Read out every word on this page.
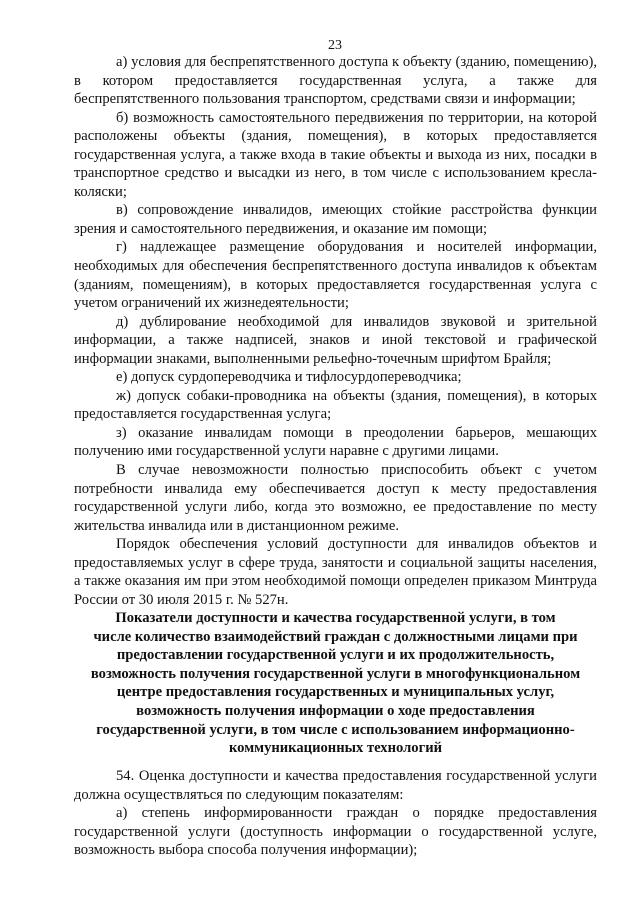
23

а) условия для беспрепятственного доступа к объекту (зданию, помещению), в котором предоставляется государственная услуга, а также для беспрепятственного пользования транспортом, средствами связи и информации;

б) возможность самостоятельного передвижения по территории, на которой расположены объекты (здания, помещения), в которых предоставляется государственная услуга, а также входа в такие объекты и выхода из них, посадки в транспортное средство и высадки из него, в том числе с использованием кресла-коляски;

в) сопровождение инвалидов, имеющих стойкие расстройства функции зрения и самостоятельного передвижения, и оказание им помощи;

г) надлежащее размещение оборудования и носителей информации, необходимых для обеспечения беспрепятственного доступа инвалидов к объектам (зданиям, помещениям), в которых предоставляется государственная услуга с учетом ограничений их жизнедеятельности;

д) дублирование необходимой для инвалидов звуковой и зрительной информации, а также надписей, знаков и иной текстовой и графической информации знаками, выполненными рельефно-точечным шрифтом Брайля;

е) допуск сурдопереводчика и тифлосурдопереводчика;

ж) допуск собаки-проводника на объекты (здания, помещения), в которых предоставляется государственная услуга;

з) оказание инвалидам помощи в преодолении барьеров, мешающих получению ими государственной услуги наравне с другими лицами.

В случае невозможности полностью приспособить объект с учетом потребности инвалида ему обеспечивается доступ к месту предоставления государственной услуги либо, когда это возможно, ее предоставление по месту жительства инвалида или в дистанционном режиме.

Порядок обеспечения условий доступности для инвалидов объектов и предоставляемых услуг в сфере труда, занятости и социальной защиты населения, а также оказания им при этом необходимой помощи определен приказом Минтруда России от 30 июля 2015 г. № 527н.

Показатели доступности и качества государственной услуги, в том

числе количество взаимодействий граждан с должностными лицами при

предоставлении государственной услуги и их продолжительность,

возможность получения государственной услуги в многофункциональном

центре предоставления государственных и муниципальных услуг,

возможность получения информации о ходе предоставления

государственной услуги, в том числе с использованием информационно-

коммуникационных технологий

54. Оценка доступности и качества предоставления государственной услуги должна осуществляться по следующим показателям:

а) степень информированности граждан о порядке предоставления государственной услуги (доступность информации о государственной услуге, возможность выбора способа получения информации);
